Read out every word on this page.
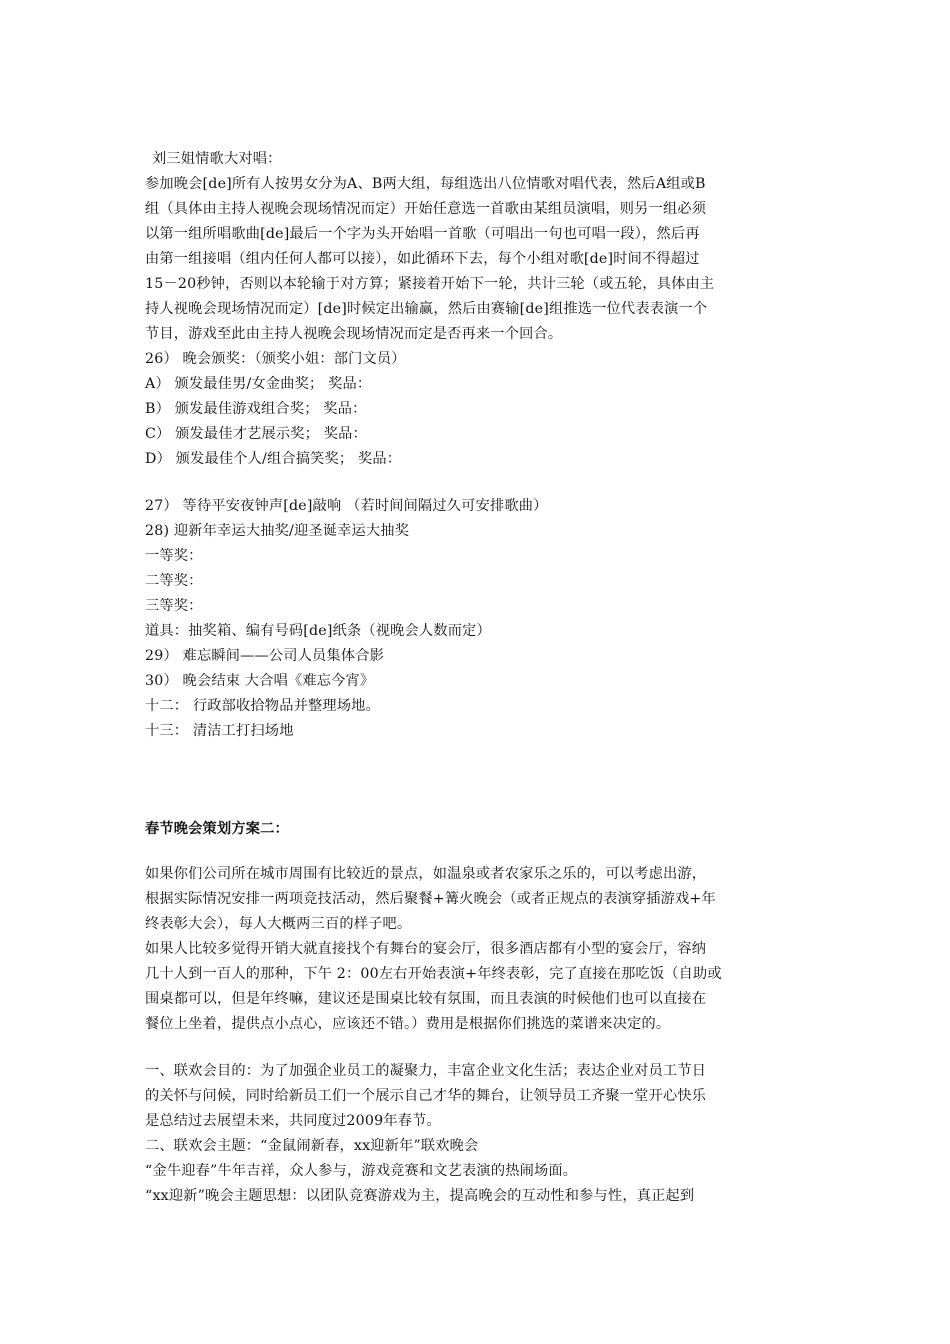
刘三姐情歌大对唱：
参加晚会[de]所有人按男女分为A、B两大组，每组选出八位情歌对唱代表，然后A组或B
组（具体由主持人视晚会现场情况而定）开始任意选一首歌由某组员演唱，则另一组必须
以第一组所唱歌曲[de]最后一个字为头开始唱一首歌（可唱出一句也可唱一段），然后再
由第一组接唱（组内任何人都可以接），如此循环下去，每个小组对歌[de]时间不得超过
15－20秒钟，否则以本轮输于对方算；紧接着开始下一轮，共计三轮（或五轮，具体由主
持人视晚会现场情况而定）[de]时候定出输赢，然后由赛输[de]组推选一位代表表演一个
节目，游戏至此由主持人视晚会现场情况而定是否再来一个回合。
26） 晚会颁奖：（颁奖小姐：部门文员）
A） 颁发最佳男/女金曲奖； 奖品：
B） 颁发最佳游戏组合奖； 奖品：
C） 颁发最佳才艺展示奖； 奖品：
D） 颁发最佳个人/组合搞笑奖； 奖品：
27） 等待平安夜钟声[de]敲响 （若时间间隔过久可安排歌曲）
28) 迎新年幸运大抽奖/迎圣诞幸运大抽奖
一等奖：
二等奖：
三等奖：
道具：抽奖箱、编有号码[de]纸条（视晚会人数而定）
29） 难忘瞬间——公司人员集体合影
30） 晚会结束 大合唱《难忘今宵》
十二： 行政部收拾物品并整理场地。
十三： 清洁工打扫场地
春节晚会策划方案二：
如果你们公司所在城市周围有比较近的景点，如温泉或者农家乐之乐的，可以考虑出游，
根据实际情况安排一两项竞技活动，然后聚餐+篝火晚会（或者正规点的表演穿插游戏+年
终表彰大会），每人大概两三百的样子吧。
如果人比较多觉得开销大就直接找个有舞台的宴会厅，很多酒店都有小型的宴会厅，容纳
几十人到一百人的那种，下午 2：00左右开始表演+年终表彰，完了直接在那吃饭（自助或
围桌都可以，但是年终嘛，建议还是围桌比较有氛围，而且表演的时候他们也可以直接在
餐位上坐着，提供点小点心，应该还不错。）费用是根据你们挑选的菜谱来决定的。
一、联欢会目的：为了加强企业员工的凝聚力，丰富企业文化生活；表达企业对员工节日
的关怀与问候，同时给新员工们一个展示自己才华的舞台，让领导员工齐聚一堂开心快乐
是总结过去展望未来，共同度过2009年春节。
二、联欢会主题：“金鼠闹新春，xx迎新年”联欢晚会
“金牛迎春”牛年吉祥，众人参与，游戏竞赛和文艺表演的热闹场面。
“xx迎新”晚会主题思想：以团队竞赛游戏为主，提高晚会的互动性和参与性，真正起到
